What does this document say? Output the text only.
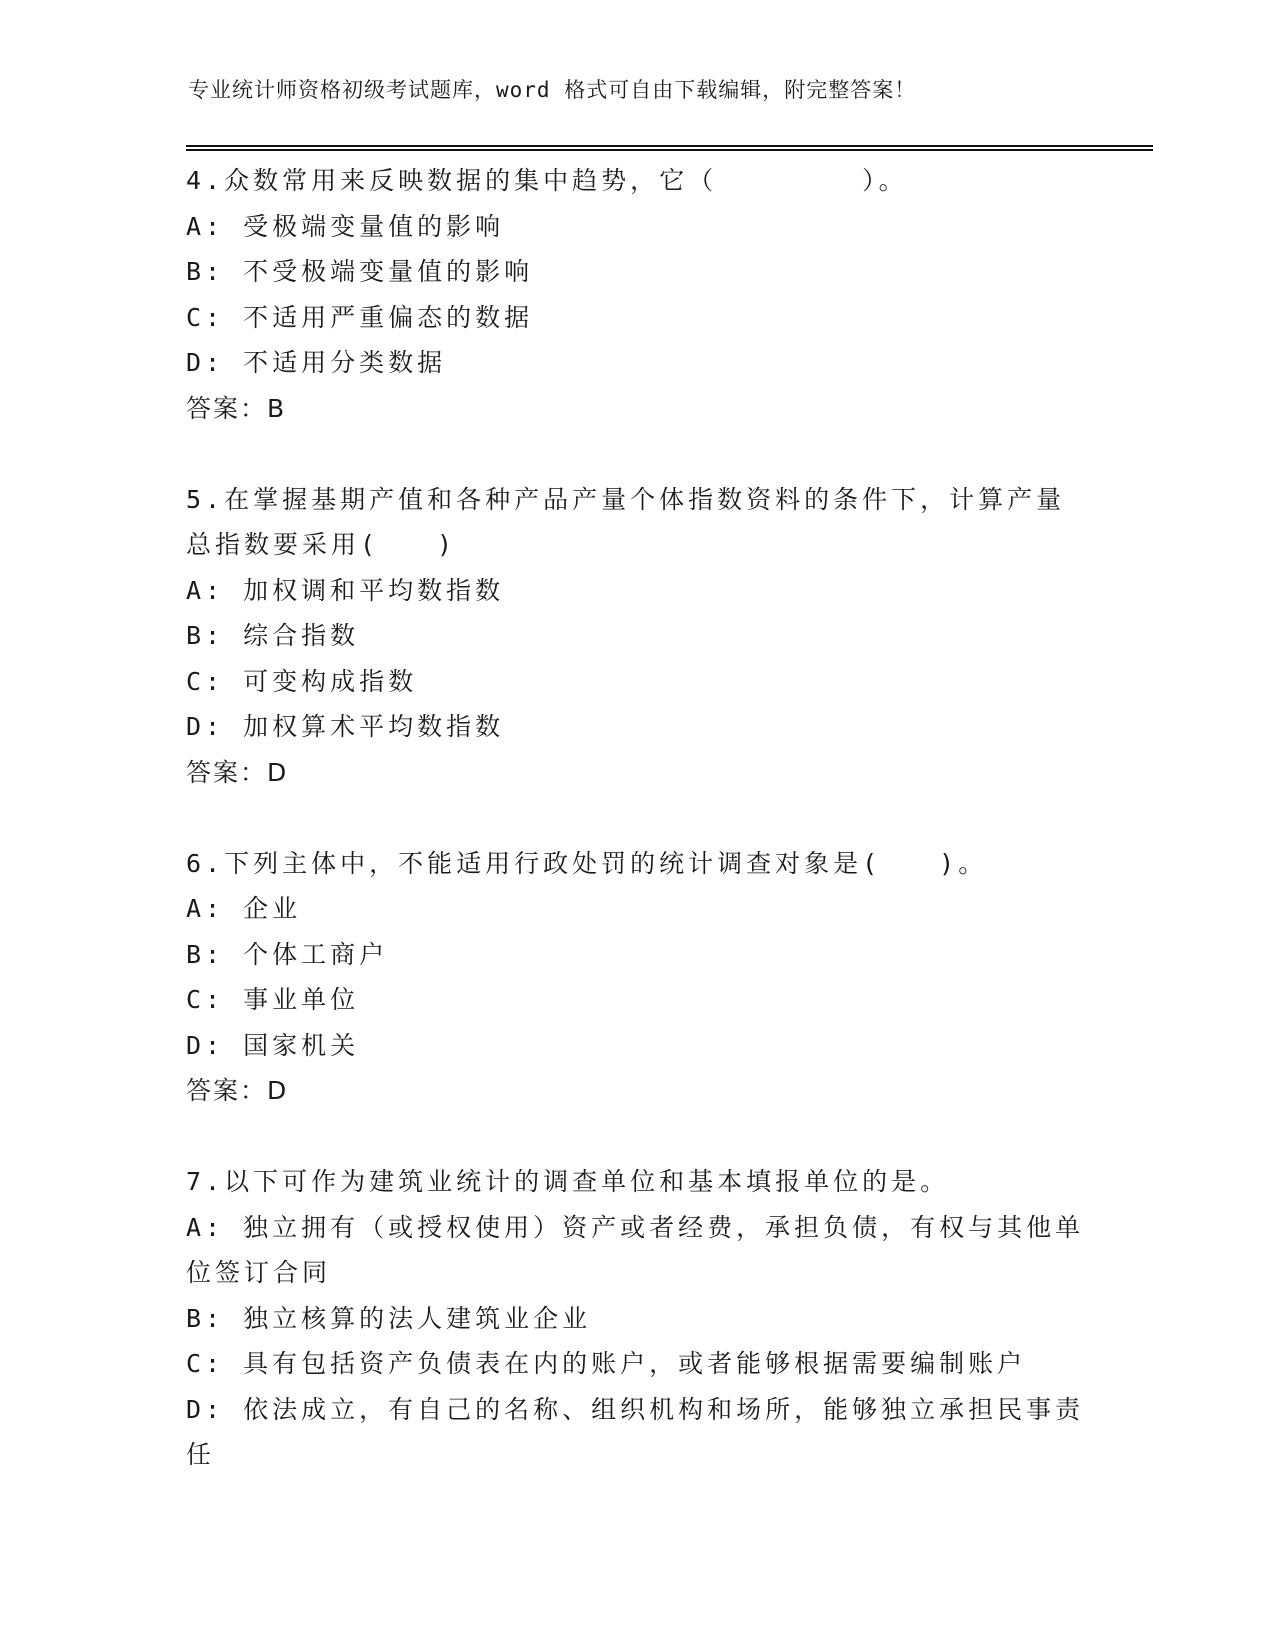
专业统计师资格初级考试题库，word 格式可自由下载编辑，附完整答案！
4.众数常用来反映数据的集中趋势，它（　　　　　）。
A: 受极端变量值的影响
B: 不受极端变量值的影响
C: 不适用严重偏态的数据
D: 不适用分类数据
答案：B
5.在掌握基期产值和各种产品产量个体指数资料的条件下，计算产量
总指数要采用(　　)
A: 加权调和平均数指数
B: 综合指数
C: 可变构成指数
D: 加权算术平均数指数
答案：D
6.下列主体中，不能适用行政处罚的统计调查对象是(　　)。
A: 企业
B: 个体工商户
C: 事业单位
D: 国家机关
答案：D
7.以下可作为建筑业统计的调查单位和基本填报单位的是。
A: 独立拥有（或授权使用）资产或者经费，承担负债，有权与其他单
位签订合同
B: 独立核算的法人建筑业企业
C: 具有包括资产负债表在内的账户，或者能够根据需要编制账户
D: 依法成立，有自己的名称、组织机构和场所，能够独立承担民事责
任
